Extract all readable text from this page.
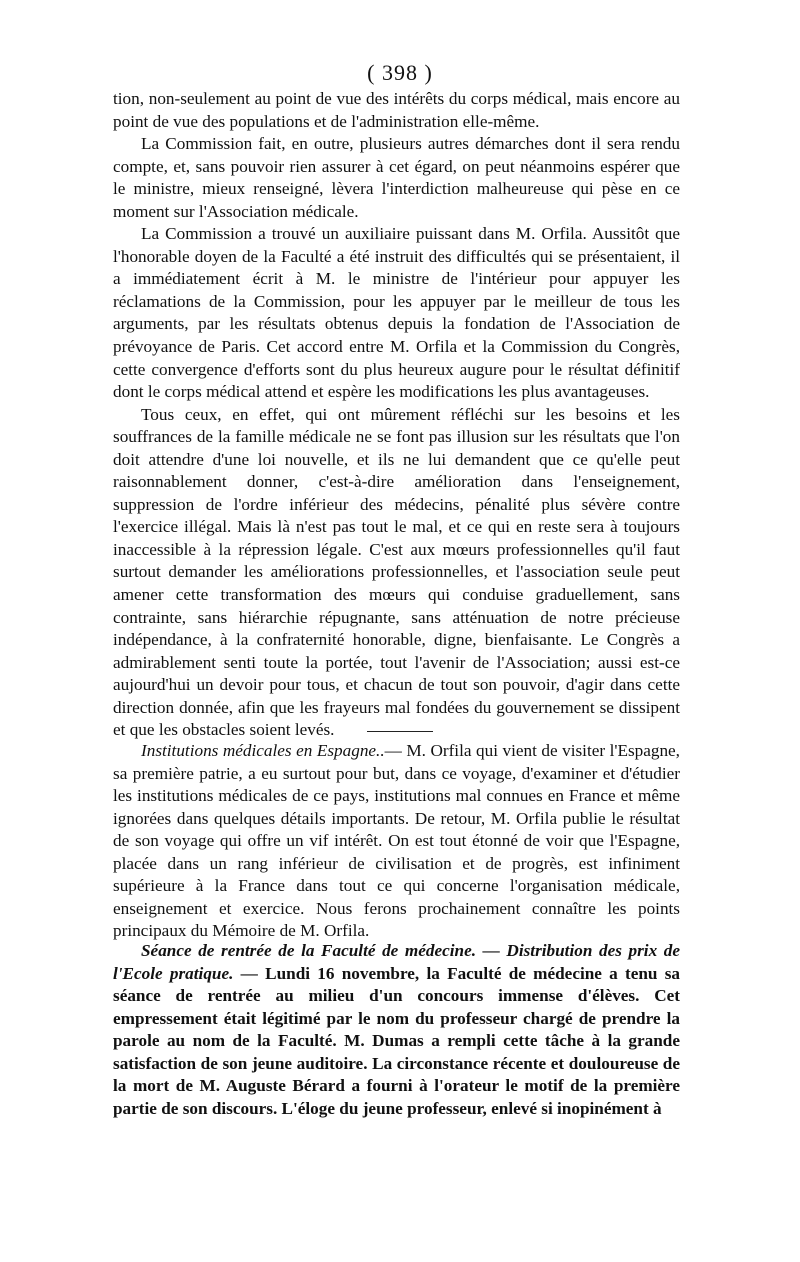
( 398 )

tion, non-seulement au point de vue des intérêts du corps médical, mais encore au point de vue des populations et de l'administration elle-même.

La Commission fait, en outre, plusieurs autres démarches dont il sera rendu compte, et, sans pouvoir rien assurer à cet égard, on peut néanmoins espérer que le ministre, mieux renseigné, lèvera l'interdiction malheureuse qui pèse en ce moment sur l'Association médicale.

La Commission a trouvé un auxiliaire puissant dans M. Orfila. Aussitôt que l'honorable doyen de la Faculté a été instruit des difficultés qui se présentaient, il a immédiatement écrit à M. le ministre de l'intérieur pour appuyer les réclamations de la Commission, pour les appuyer par le meilleur de tous les arguments, par les résultats obtenus depuis la fondation de l'Association de prévoyance de Paris. Cet accord entre M. Orfila et la Commission du Congrès, cette convergence d'efforts sont du plus heureux augure pour le résultat définitif dont le corps médical attend et espère les modifications les plus avantageuses.

Tous ceux, en effet, qui ont mûrement réfléchi sur les besoins et les souffrances de la famille médicale ne se font pas illusion sur les résultats que l'on doit attendre d'une loi nouvelle, et ils ne lui demandent que ce qu'elle peut raisonnablement donner, c'est-à-dire amélioration dans l'enseignement, suppression de l'ordre inférieur des médecins, pénalité plus sévère contre l'exercice illégal. Mais là n'est pas tout le mal, et ce qui en reste sera à toujours inaccessible à la répression légale. C'est aux mœurs professionnelles qu'il faut surtout demander les améliorations professionnelles, et l'association seule peut amener cette transformation des mœurs qui conduise graduellement, sans contrainte, sans hiérarchie répugnante, sans atténuation de notre précieuse indépendance, à la confraternité honorable, digne, bienfaisante. Le Congrès a admirablement senti toute la portée, tout l'avenir de l'Association; aussi est-ce aujourd'hui un devoir pour tous, et chacun de tout son pouvoir, d'agir dans cette direction donnée, afin que les frayeurs mal fondées du gouvernement se dissipent et que les obstacles soient levés.

Institutions médicales en Espagne..— M. Orfila qui vient de visiter l'Espagne, sa première patrie, a eu surtout pour but, dans ce voyage, d'examiner et d'étudier les institutions médicales de ce pays, institutions mal connues en France et même ignorées dans quelques détails importants. De retour, M. Orfila publie le résultat de son voyage qui offre un vif intérêt. On est tout étonné de voir que l'Espagne, placée dans un rang inférieur de civilisation et de progrès, est infiniment supérieure à la France dans tout ce qui concerne l'organisation médicale, enseignement et exercice. Nous ferons prochainement connaître les points principaux du Mémoire de M. Orfila.

Séance de rentrée de la Faculté de médecine. — Distribution des prix de l'Ecole pratique. — Lundi 16 novembre, la Faculté de médecine a tenu sa séance de rentrée au milieu d'un concours immense d'élèves. Cet empressement était légitimé par le nom du professeur chargé de prendre la parole au nom de la Faculté. M. Dumas a rempli cette tâche à la grande satisfaction de son jeune auditoire. La circonstance récente et douloureuse de la mort de M. Auguste Bérard a fourni à l'orateur le motif de la première partie de son discours. L'éloge du jeune professeur, enlevé si inopinément à
